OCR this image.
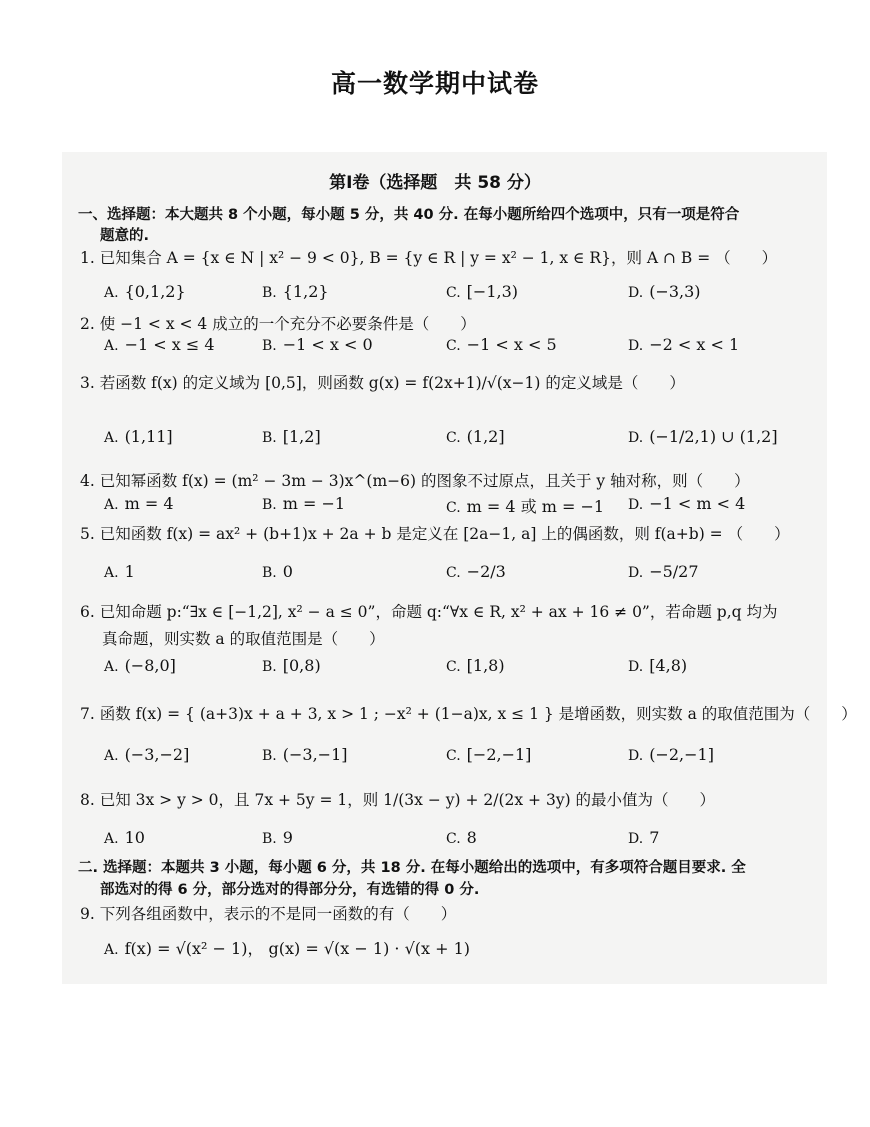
高一数学期中试卷
第Ⅰ卷（选择题　共 58 分）
一、选择题：本大题共 8 个小题，每小题 5 分，共 40 分. 在每小题所给四个选项中，只有一项是符合
题意的.
1. 已知集合 A = {x ∈ N | x² − 9 < 0}, B = {y ∈ R | y = x² − 1, x ∈ R}，则 A ∩ B = （　　）
A. {0,1,2}	B. {1,2}	C. [−1,3)	D. (−3,3)
2. 使 −1 < x < 4 成立的一个充分不必要条件是（　　）
A. −1 < x ≤ 4	B. −1 < x < 0	C. −1 < x < 5	D. −2 < x < 1
3. 若函数 f(x) 的定义域为 [0,5]，则函数 g(x) = f(2x+1)/√(x−1) 的定义域是（　　）
A. (1,11]	B. [1,2]	C. (1,2]	D. (−1/2,1) ∪ (1,2]
4. 已知幂函数 f(x) = (m² − 3m − 3)x^(m−6) 的图象不过原点，且关于 y 轴对称，则（　　）
A. m = 4	B. m = −1	C. m = 4 或 m = −1 D. −1 < m < 4
5. 已知函数 f(x) = ax² + (b+1)x + 2a + b 是定义在 [2a−1, a] 上的偶函数，则 f(a+b) = （　　）
A. 1	B. 0	C. −2/3	D. −5/27
6. 已知命题 p:“∃x ∈ [−1,2], x² − a ≤ 0”，命题 q:“∀x ∈ R, x² + ax + 16 ≠ 0”，若命题 p,q 均为
真命题，则实数 a 的取值范围是（　　）
A. (−8,0]	B. [0,8)	C. [1,8)	D. [4,8)
7. 函数 f(x) = { (a+3)x + a + 3, x > 1 ; −x² + (1−a)x, x ≤ 1 } 是增函数，则实数 a 的取值范围为（　　）
A. (−3,−2]	B. (−3,−1]	C. [−2,−1]	D. (−2,−1]
8. 已知 3x > y > 0，且 7x + 5y = 1，则 1/(3x − y) + 2/(2x + 3y) 的最小值为（　　）
A. 10	B. 9	C. 8	D. 7
二. 选择题：本题共 3 小题，每小题 6 分，共 18 分. 在每小题给出的选项中，有多项符合题目要求. 全
部选对的得 6 分，部分选对的得部分分，有选错的得 0 分.
9. 下列各组函数中，表示的不是同一函数的有（　　）
A. f(x) = √(x² − 1)， g(x) = √(x − 1) · √(x + 1)
